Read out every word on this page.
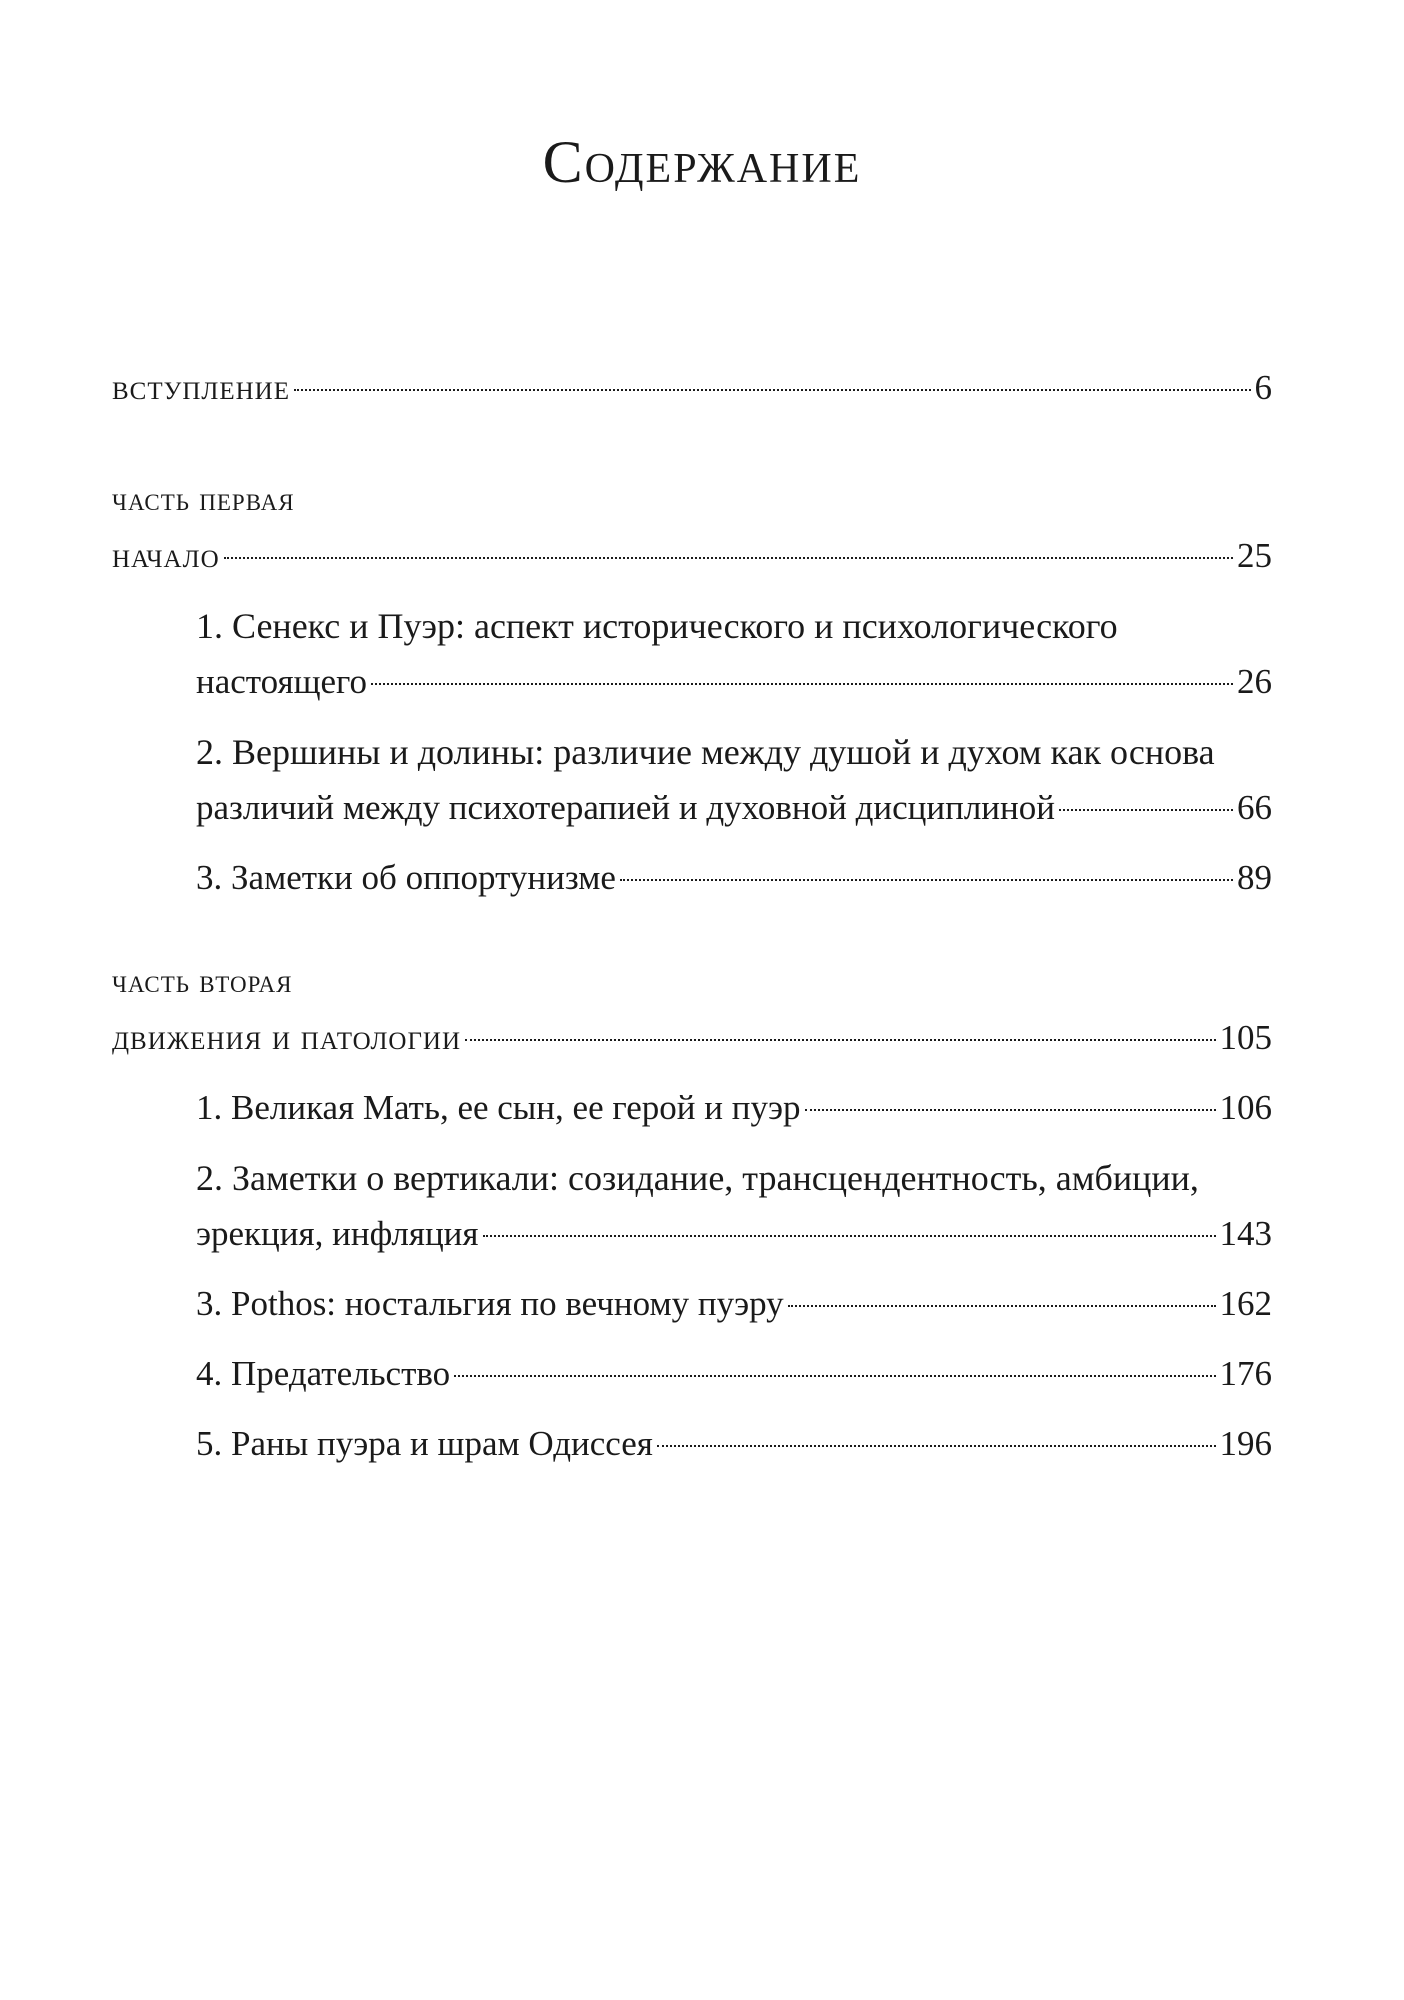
Содержание
вступление	6
часть первая
начало	25
1. Сенекс и Пуэр: аспект исторического и психологического
настоящего	26
2. Вершины и долины: различие между душой и духом как основа
различий между психотерапией и духовной дисциплиной	66
3. Заметки об оппортунизме	89
часть вторая
движения и патологии	105
1. Великая Мать, ее сын, ее герой и пуэр	106
2. Заметки о вертикали: созидание, трансцендентность, амбиции,
эрекция, инфляция	143
3. Pothos: ностальгия по вечному пуэру	162
4. Предательство	176
5. Раны пуэра и шрам Одиссея	196
